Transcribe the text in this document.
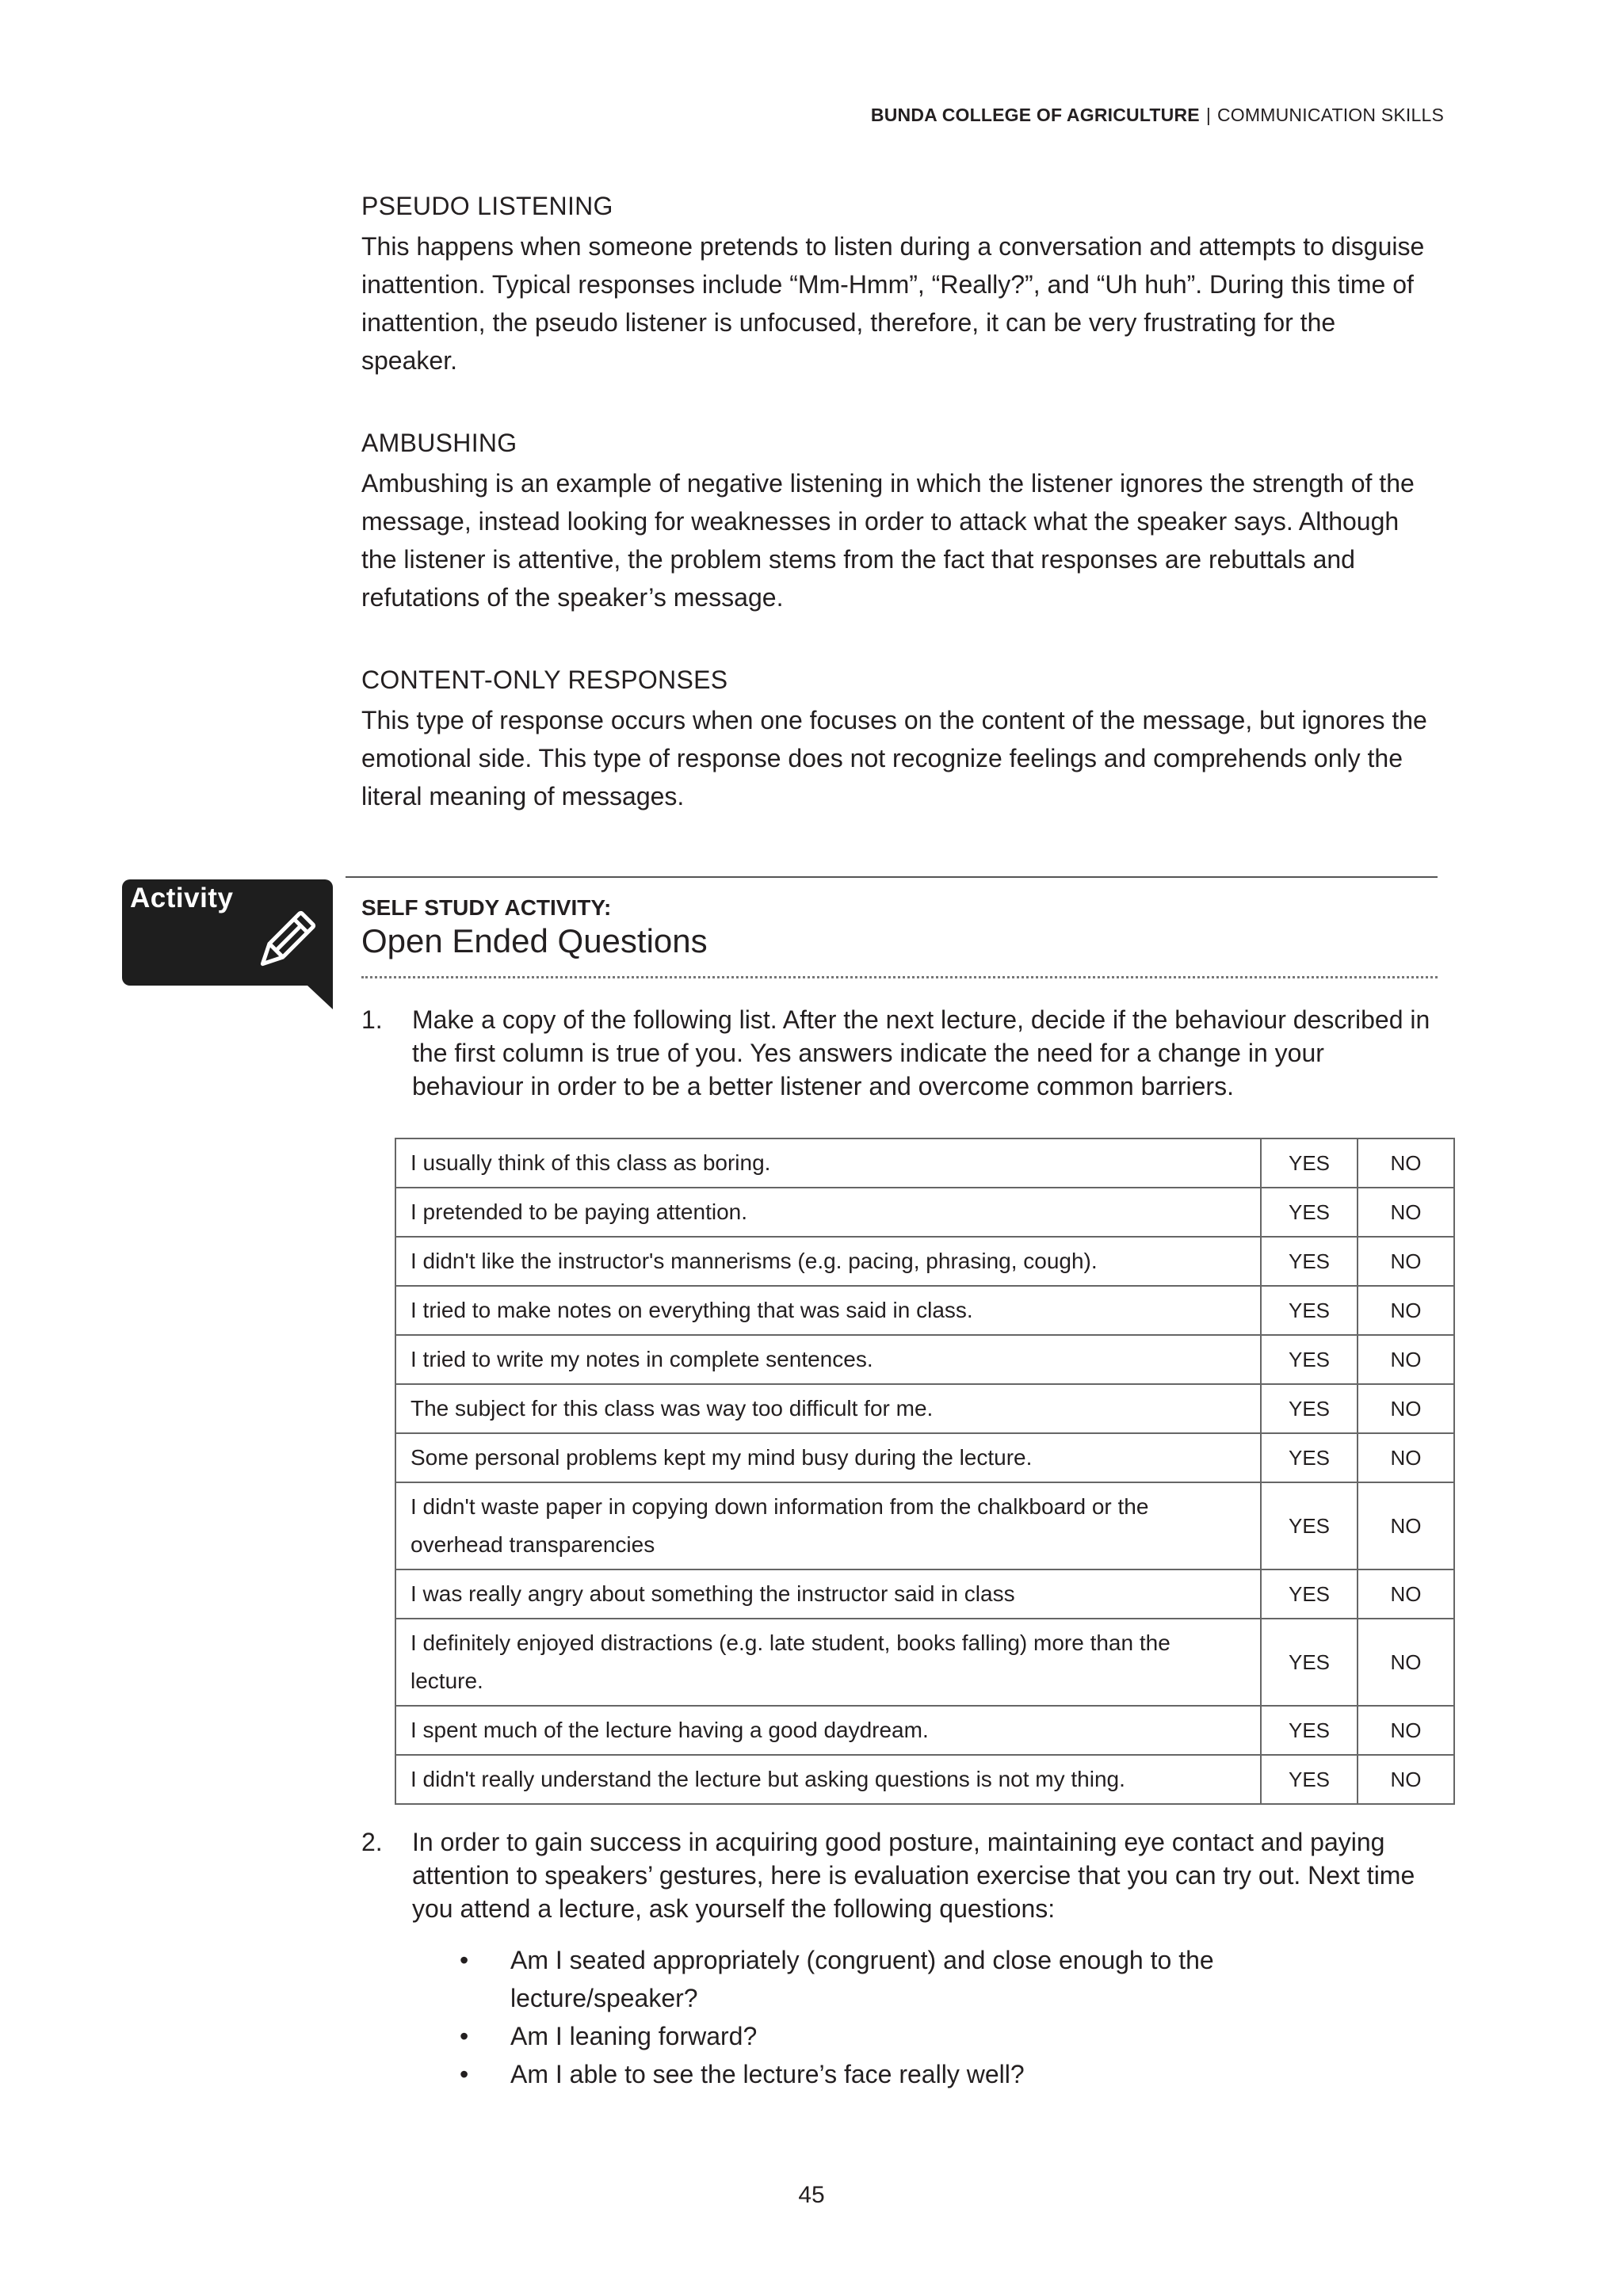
BUNDA COLLEGE OF AGRICULTURE | COMMUNICATION SKILLS
PSEUDO LISTENING

This happens when someone pretends to listen during a conversation and attempts to disguise inattention. Typical responses include “Mm-Hmm”, “Really?”, and “Uh huh”. During this time of inattention, the pseudo listener is unfocused, therefore, it can be very frustrating for the speaker.

AMBUSHING

Ambushing is an example of negative listening in which the listener ignores the strength of the message, instead looking for weaknesses in order to attack what the speaker says. Although the listener is attentive, the problem stems from the fact that responses are rebuttals and refutations of the speaker’s message.

CONTENT-ONLY RESPONSES

This type of response occurs when one focuses on the content of the message, but ignores the emotional side. This type of response does not recognize feelings and comprehends only the literal meaning of messages.

Activity	SELF STUDY ACTIVITY:
Open Ended Questions
1. Make a copy of the following list. After the next lecture, decide if the behaviour described in the first column is true of you. Yes answers indicate the need for a change in your behaviour in order to be a better listener and overcome common barriers.
I usually think of this class as boring.	YES	NO
I pretended to be paying attention.	YES	NO
I didn't like the instructor's mannerisms (e.g. pacing, phrasing, cough).	YES	NO
I tried to make notes on everything that was said in class.	YES	NO
I tried to write my notes in complete sentences.	YES	NO
The subject for this class was way too difficult for me.	YES	NO
Some personal problems kept my mind busy during the lecture.	YES	NO
I didn't waste paper in copying down information from the chalkboard or the overhead transparencies	YES	NO
I was really angry about something the instructor said in class	YES	NO
I definitely enjoyed distractions (e.g. late student, books falling) more than the lecture.	YES	NO
I spent much of the lecture having a good daydream.	YES	NO
I didn't really understand the lecture but asking questions is not my thing.	YES	NO
2. In order to gain success in acquiring good posture, maintaining eye contact and paying attention to speakers’ gestures, here is evaluation exercise that you can try out. Next time you attend a lecture, ask yourself the following questions:
• Am I seated appropriately (congruent) and close enough to the lecture/speaker?
• Am I leaning forward?
• Am I able to see the lecture’s face really well?
45
